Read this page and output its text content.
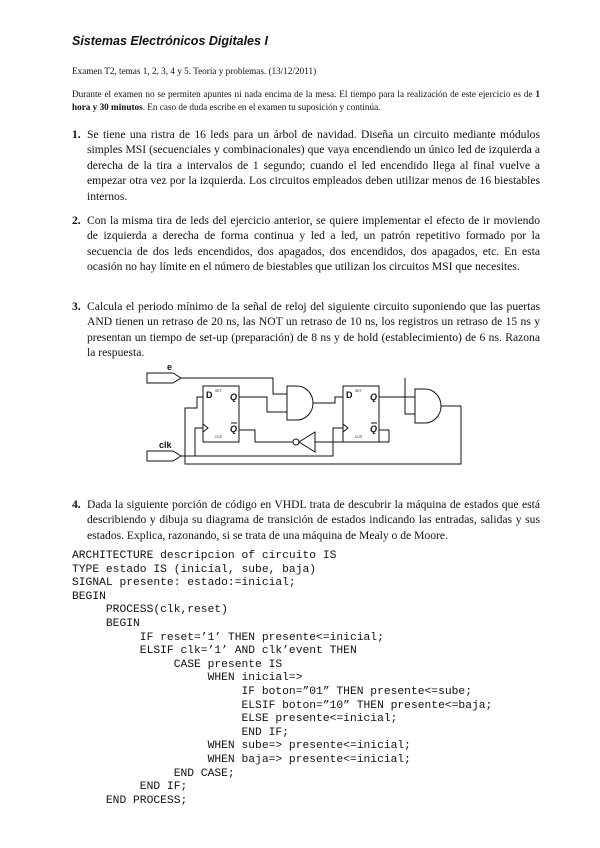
Sistemas Electrónicos Digitales I
Examen T2, temas 1, 2, 3, 4 y 5. Teoría y problemas. (13/12/2011)
Durante el examen no se permiten apuntes ni nada encima de la mesa. El tiempo para la realización de este ejercicio es de 1 hora y 30 minutos. En caso de duda escribe en el examen tu suposición y continúa.
1. Se tiene una ristra de 16 leds para un árbol de navidad. Diseña un circuito mediante módulos simples MSI (secuenciales y combinacionales) que vaya encendiendo un único led de izquierda a derecha de la tira a intervalos de 1 segundo; cuando el led encendido llega al final vuelve a empezar otra vez por la izquierda. Los circuitos empleados deben utilizar menos de 16 biestables internos.
2. Con la misma tira de leds del ejercicio anterior, se quiere implementar el efecto de ir moviendo de izquierda a derecha de forma continua y led a led, un patrón repetitivo formado por la secuencia de dos leds encendidos, dos apagados, dos encendidos, dos apagados, etc. En esta ocasión no hay límite en el número de biestables que utilizan los circuitos MSI que necesites.
3. Calcula el periodo mínimo de la señal de reloj del siguiente circuito suponiendo que las puertas AND tienen un retraso de 20 ns, las NOT un retraso de 10 ns, los registros un retraso de 15 ns y presentan un tiempo de set-up (preparación) de 8 ns y de hold (establecimiento) de 6 ns. Razona la respuesta.
e
clk
D Q
Q
SET
CLR
D Q
Q
SET
CLR
4. Dada la siguiente porción de código en VHDL trata de descubrir la máquina de estados que está describiendo y dibuja su diagrama de transición de estados indicando las entradas, salidas y sus estados. Explica, razonando, si se trata de una máquina de Mealy o de Moore.
ARCHITECTURE descripcion of circuito IS
TYPE estado IS (inicial, sube, baja)
SIGNAL presente: estado:=inicial;
BEGIN
PROCESS(clk,reset)
BEGIN
IF reset=’1’ THEN presente<=inicial;
ELSIF clk=’1’ AND clk’event THEN
CASE presente IS
WHEN inicial=>
IF boton=”01” THEN presente<=sube;
ELSIF boton=”10” THEN presente<=baja;
ELSE presente<=inicial;
END IF;
WHEN sube=> presente<=inicial;
WHEN baja=> presente<=inicial;
END CASE;
END IF;
END PROCESS;
